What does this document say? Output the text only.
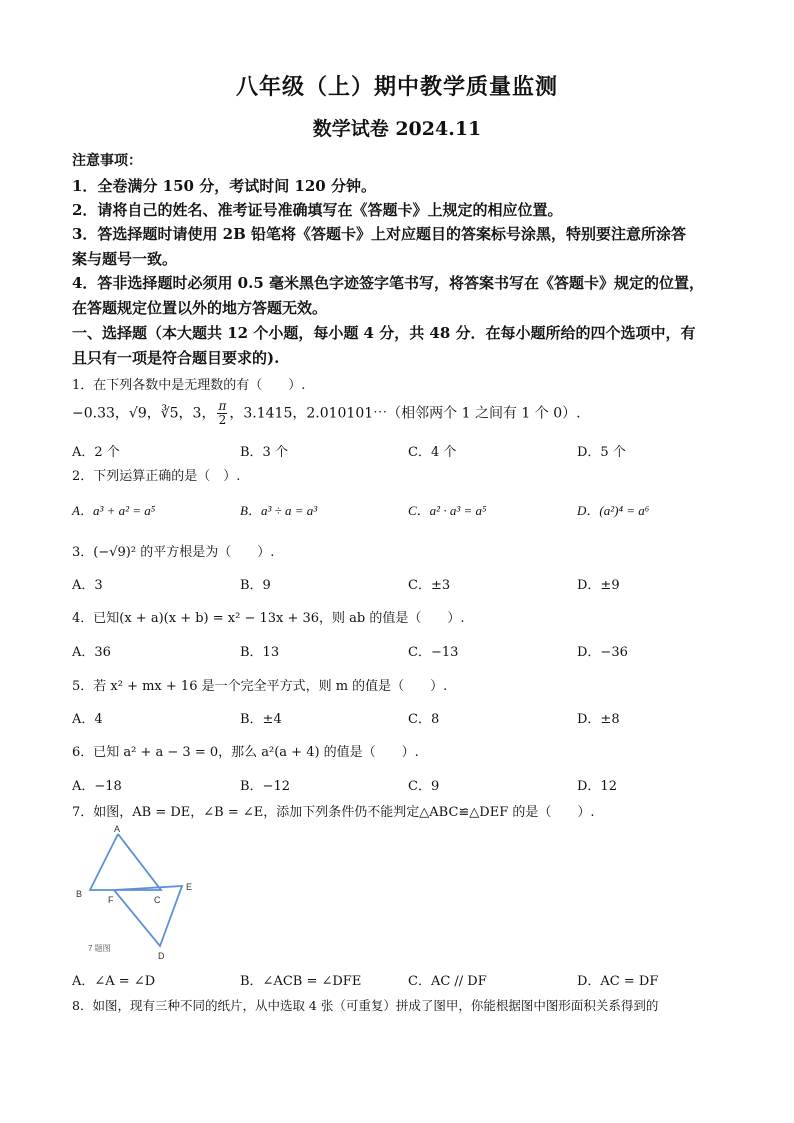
八年级（上）期中教学质量监测
数学试卷 2024.11
注意事项：
1．全卷满分 150 分，考试时间 120 分钟。
2．请将自己的姓名、准考证号准确填写在《答题卡》上规定的相应位置。
3．答选择题时请使用 2B 铅笔将《答题卡》上对应题目的答案标号涂黑，特别要注意所涂答
案与题号一致。
4．答非选择题时必须用 0.5 毫米黑色字迹签字笔书写，将答案书写在《答题卡》规定的位置，
在答题规定位置以外的地方答题无效。
一、选择题（本大题共 12 个小题，每小题 4 分，共 48 分．在每小题所给的四个选项中，有
且只有一项是符合题目要求的).
1．在下列各数中是无理数的有（　　）.
−0.33，√9，∛5，3， $\frac{\pi}{2}$ ，3.1415，2.010101⋯（相邻两个 1 之间有 1 个 0）.
A．2 个	B．3 个	C．4 个	D．5 个
2．下列运算正确的是（　）.
A．a³ + a² = a⁵	B．a³ ÷ a = a³	C．a² · a³ = a⁵	D．(a²)⁴ = a⁶
3．(−√9)² 的平方根是为（　　）.
A．3	B．9	C．±3	D．±9
4．已知(x + a)(x + b) = x² − 13x + 36，则 ab 的值是（　　）.
A．36	B．13	C．−13	D．−36
5．若 x² + mx + 16 是一个完全平方式，则 m 的值是（　　）.
A．4	B．±4	C．8	D．±8
6．已知 a² + a − 3 = 0，那么 a²(a + 4) 的值是（　　）.
A．−18	B．−12	C．9	D．12
7．如图，AB = DE，∠B = ∠E，添加下列条件仍不能判定△ABC≌△DEF 的是（　　）.
A
B
F	C
E
D
7 题图
A．∠A = ∠D	B．∠ACB = ∠DFE	C．AC // DF	D．AC = DF
8．如图，现有三种不同的纸片，从中选取 4 张（可重复）拼成了图甲，你能根据图中图形面积关系得到的
